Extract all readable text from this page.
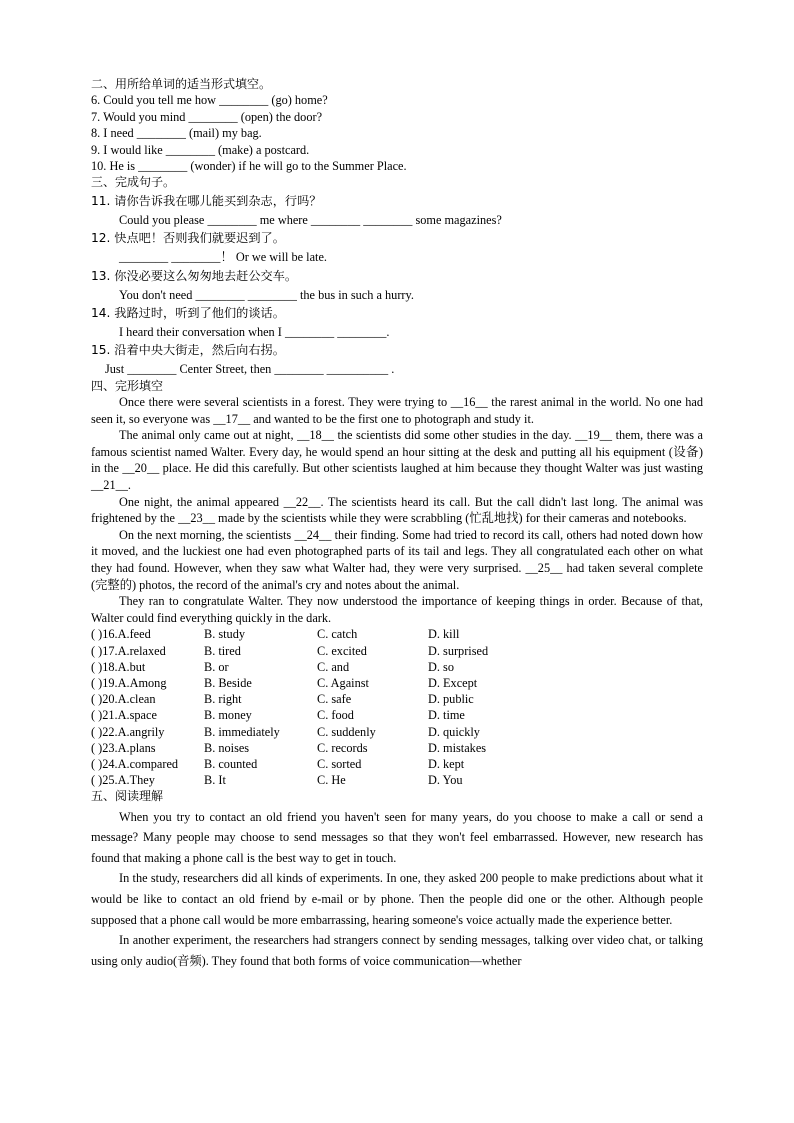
二、用所给单词的适当形式填空。
6. Could you tell me how ________ (go) home?
7. Would you mind ________ (open) the door?
8. I need ________ (mail) my bag.
9. I would like ________ (make) a postcard.
10. He is ________ (wonder) if he will go to the Summer Place.
三、完成句子。
11. 请你告诉我在哪儿能买到杂志，行吗？
Could you please ________ me where ________ ________ some magazines?
12. 快点吧！否则我们就要迟到了。
________ ________！ Or we will be late.
13. 你没必要这么匆匆地去赶公交车。
You don't need ________ ________ the bus in such a hurry.
14. 我路过时，听到了他们的谈话。
I heard their conversation when I ________ ________.
15. 沿着中央大街走，然后向右拐。
Just ________ Center Street, then ________ __________ .
四、完形填空

Once there were several scientists in a forest. They were trying to __16__ the rarest animal in the world. No one had seen it, so everyone was __17__ and wanted to be the first one to photograph and study it.

The animal only came out at night, __18__ the scientists did some other studies in the day. __19__ them, there was a famous scientist named Walter. Every day, he would spend an hour sitting at the desk and putting all his equipment (设备) in the __20__ place. He did this carefully. But other scientists laughed at him because they thought Walter was just wasting __21__.

One night, the animal appeared __22__. The scientists heard its call. But the call didn't last long. The animal was frightened by the __23__ made by the scientists while they were scrabbling (忙乱地找) for their cameras and notebooks.

On the next morning, the scientists __24__ their finding. Some had tried to record its call, others had noted down how it moved, and the luckiest one had even photographed parts of its tail and legs. They all congratulated each other on what they had found. However, when they saw what Walter had, they were very surprised. __25__ had taken several complete (完整的) photos, the record of the animal's cry and notes about the animal.

They ran to congratulate Walter. They now understood the importance of keeping things in order. Because of that, Walter could find everything quickly in the dark.

( )16.A.feed	B. study	C. catch	D. kill
( )17.A.relaxed	B. tired	C. excited	D. surprised
( )18.A.but	B. or	C. and	D. so
( )19.A.Among	B. Beside	C. Against	D. Except
( )20.A.clean	B. right	C. safe	D. public
( )21.A.space	B. money	C. food	D. time
( )22.A.angrily	B. immediately	C. suddenly	D. quickly
( )23.A.plans	B. noises	C. records	D. mistakes
( )24.A.compared	B. counted	C. sorted	D. kept
( )25.A.They	B. It	C. He	D. You
五、阅读理解

When you try to contact an old friend you haven't seen for many years, do you choose to make a call or send a message? Many people may choose to send messages so that they won't feel embarrassed. However, new research has found that making a phone call is the best way to get in touch.

In the study, researchers did all kinds of experiments. In one, they asked 200 people to make predictions about what it would be like to contact an old friend by e-mail or by phone. Then the people did one or the other. Although people supposed that a phone call would be more embarrassing, hearing someone's voice actually made the experience better.

In another experiment, the researchers had strangers connect by sending messages, talking over video chat, or talking using only audio(音频). They found that both forms of voice communication—whether
